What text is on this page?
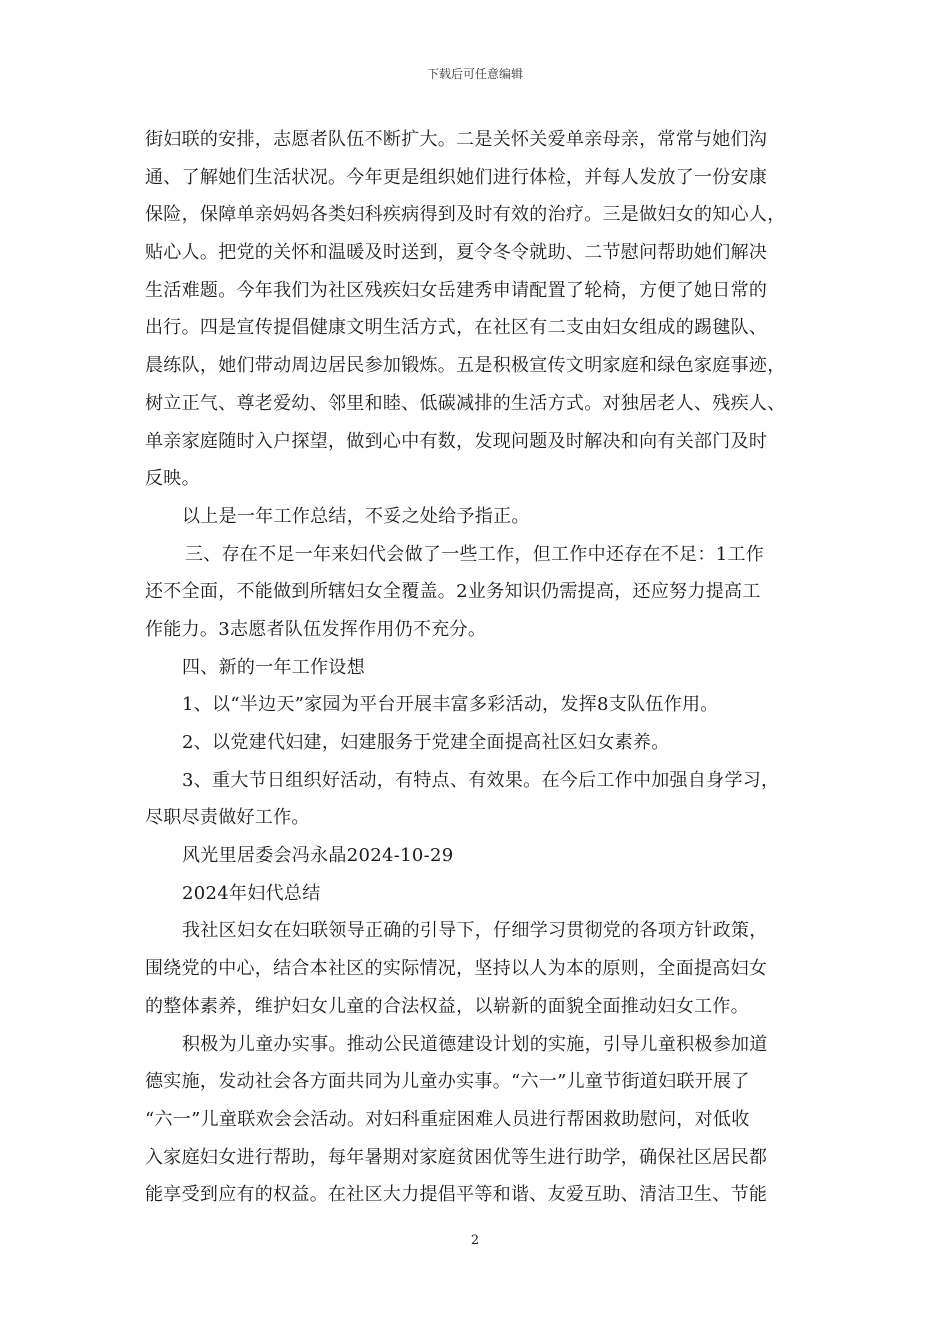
下载后可任意编辑
街妇联的安排，志愿者队伍不断扩大。二是关怀关爱单亲母亲，常常与她们沟
通、了解她们生活状况。今年更是组织她们进行体检，并每人发放了一份安康
保险，保障单亲妈妈各类妇科疾病得到及时有效的治疗。三是做妇女的知心人，
贴心人。把党的关怀和温暖及时送到，夏令冬令就助、二节慰问帮助她们解决
生活难题。今年我们为社区残疾妇女岳建秀申请配置了轮椅，方便了她日常的
出行。四是宣传提倡健康文明生活方式，在社区有二支由妇女组成的踢毽队、
晨练队，她们带动周边居民参加锻炼。五是积极宣传文明家庭和绿色家庭事迹，
树立正气、尊老爱幼、邻里和睦、低碳减排的生活方式。对独居老人、残疾人、
单亲家庭随时入户探望，做到心中有数，发现问题及时解决和向有关部门及时
反映。
以上是一年工作总结，不妥之处给予指正。
三、存在不足一年来妇代会做了一些工作，但工作中还存在不足：1工作
还不全面，不能做到所辖妇女全覆盖。2业务知识仍需提高，还应努力提高工
作能力。3志愿者队伍发挥作用仍不充分。
四、新的一年工作设想
1、以“半边天”家园为平台开展丰富多彩活动，发挥8支队伍作用。
2、以党建代妇建，妇建服务于党建全面提高社区妇女素养。
3、重大节日组织好活动，有特点、有效果。在今后工作中加强自身学习，
尽职尽责做好工作。
风光里居委会冯永晶2024-10-29
2024年妇代总结
我社区妇女在妇联领导正确的引导下，仔细学习贯彻党的各项方针政策，
围绕党的中心，结合本社区的实际情况，坚持以人为本的原则，全面提高妇女
的整体素养，维护妇女儿童的合法权益，以崭新的面貌全面推动妇女工作。
积极为儿童办实事。推动公民道德建设计划的实施，引导儿童积极参加道
德实施，发动社会各方面共同为儿童办实事。“六一”儿童节街道妇联开展了
“六一”儿童联欢会会活动。对妇科重症困难人员进行帮困救助慰问，对低收
入家庭妇女进行帮助，每年暑期对家庭贫困优等生进行助学，确保社区居民都
能享受到应有的权益。在社区大力提倡平等和谐、友爱互助、清洁卫生、节能
2
